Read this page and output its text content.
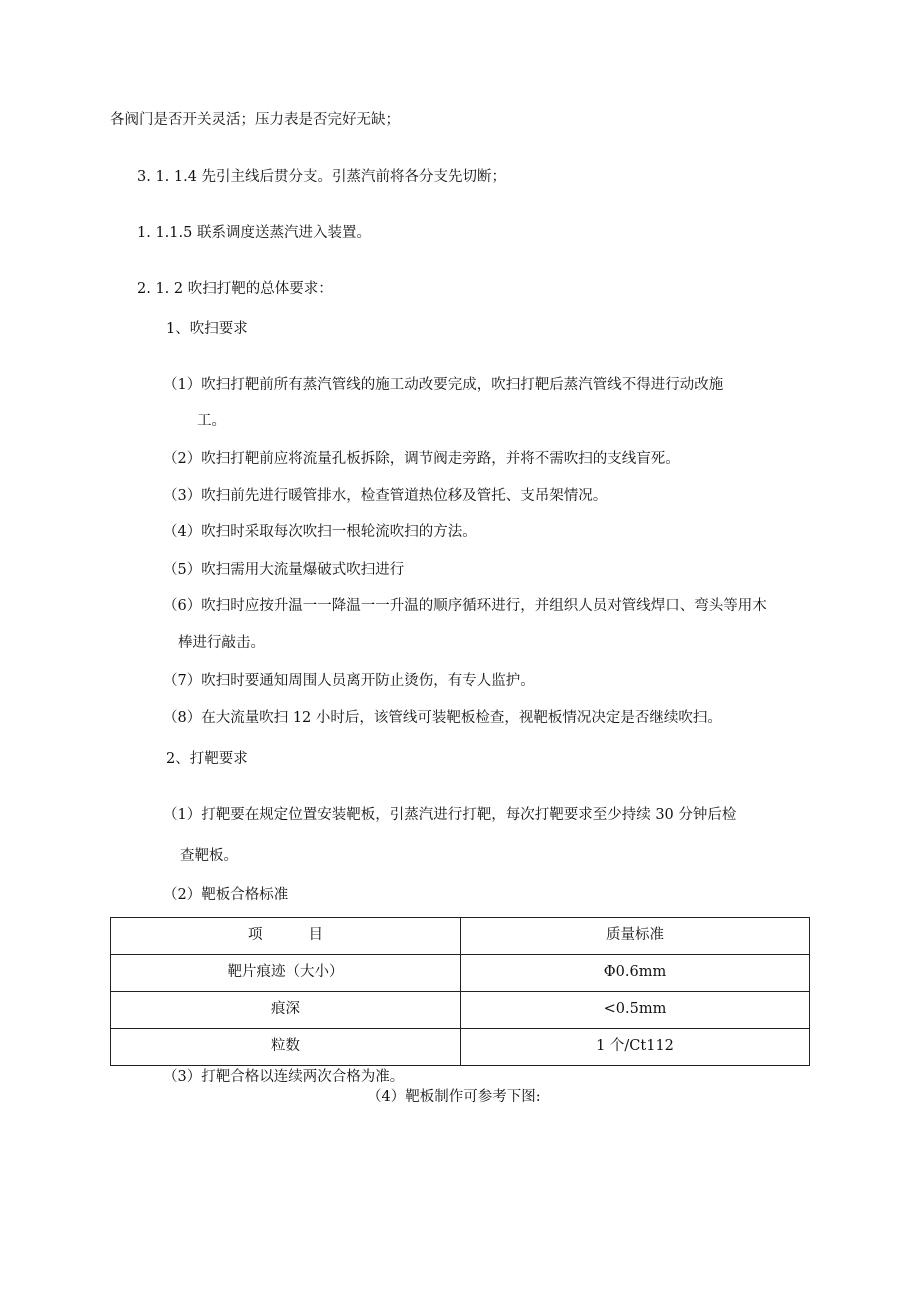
各阀门是否开关灵活；压力表是否完好无缺；
3. 1. 1.4 先引主线后贯分支。引蒸汽前将各分支先切断；
1. 1.1.5 联系调度送蒸汽进入装置。
2. 1. 2 吹扫打靶的总体要求：
1、吹扫要求
（1）吹扫打靶前所有蒸汽管线的施工动改要完成，吹扫打靶后蒸汽管线不得进行动改施
工。
（2）吹扫打靶前应将流量孔板拆除，调节阀走旁路，并将不需吹扫的支线盲死。
（3）吹扫前先进行暖管排水，检查管道热位移及管托、支吊架情况。
（4）吹扫时采取每次吹扫一根轮流吹扫的方法。
（5）吹扫需用大流量爆破式吹扫进行
（6）吹扫时应按升温一一降温一一升温的顺序循环进行，并组织人员对管线焊口、弯头等用木
棒进行敲击。
（7）吹扫时要通知周围人员离开防止烫伤，有专人监护。
（8）在大流量吹扫 12 小时后，该管线可装靶板检查，视靶板情况决定是否继续吹扫。
2、打靶要求
（1）打靶要在规定位置安装靶板，引蒸汽进行打靶，每次打靶要求至少持续 30 分钟后检
查靶板。
（2）靶板合格标准
项          目	质量标准
靶片痕迹（大小）	Φ0.6mm
痕深	<0.5mm
粒数	1 个/Ct112
（3）打靶合格以连续两次合格为准。
（4）靶板制作可参考下图:
